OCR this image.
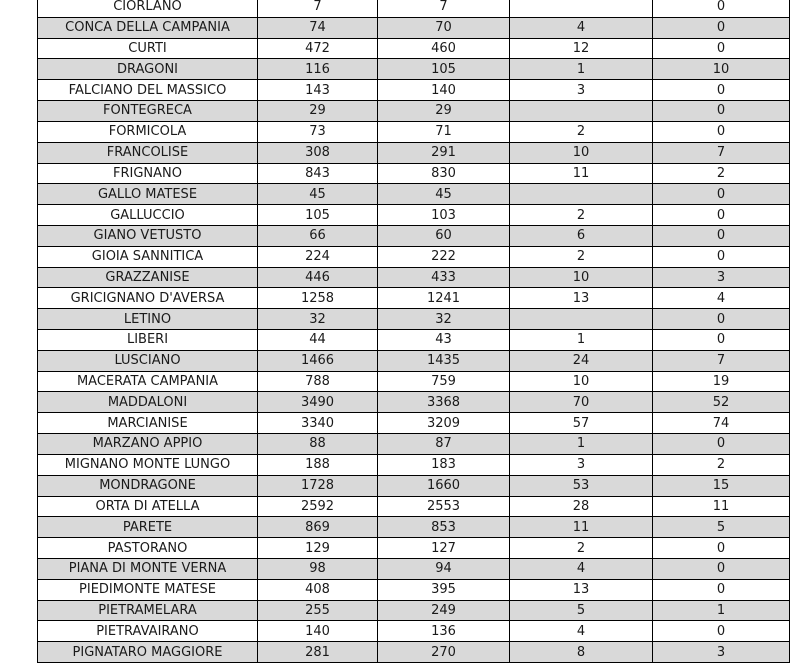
CIORLANO	7	7		0
CONCA DELLA CAMPANIA	74	70	4	0
CURTI	472	460	12	0
DRAGONI	116	105	1	10
FALCIANO DEL MASSICO	143	140	3	0
FONTEGRECA	29	29		0
FORMICOLA	73	71	2	0
FRANCOLISE	308	291	10	7
FRIGNANO	843	830	11	2
GALLO MATESE	45	45		0
GALLUCCIO	105	103	2	0
GIANO VETUSTO	66	60	6	0
GIOIA SANNITICA	224	222	2	0
GRAZZANISE	446	433	10	3
GRICIGNANO D'AVERSA	1258	1241	13	4
LETINO	32	32		0
LIBERI	44	43	1	0
LUSCIANO	1466	1435	24	7
MACERATA CAMPANIA	788	759	10	19
MADDALONI	3490	3368	70	52
MARCIANISE	3340	3209	57	74
MARZANO APPIO	88	87	1	0
MIGNANO MONTE LUNGO	188	183	3	2
MONDRAGONE	1728	1660	53	15
ORTA DI ATELLA	2592	2553	28	11
PARETE	869	853	11	5
PASTORANO	129	127	2	0
PIANA DI MONTE VERNA	98	94	4	0
PIEDIMONTE MATESE	408	395	13	0
PIETRAMELARA	255	249	5	1
PIETRAVAIRANO	140	136	4	0
PIGNATARO MAGGIORE	281	270	8	3
